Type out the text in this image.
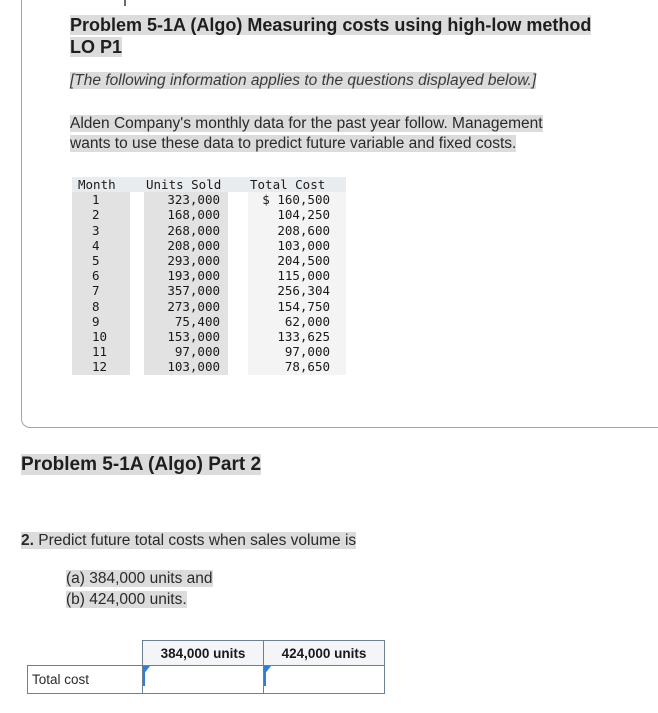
Problem 5-1A (Algo) Measuring costs using high-low method
LO P1
[The following information applies to the questions displayed below.]
Alden Company's monthly data for the past year follow. Management
wants to use these data to predict future variable and fixed costs.
Month		Units Sold		Total Cost
1		323,000		$ 160,500
2		168,000		104,250
3		268,000		208,600
4		208,000		103,000
5		293,000		204,500
6		193,000		115,000
7		357,000		256,304
8		273,000		154,750
9		75,400		62,000
10		153,000		133,625
11		97,000		97,000
12		103,000		78,650
Problem 5-1A (Algo) Part 2
2. Predict future total costs when sales volume is
(a) 384,000 units and
(b) 424,000 units.
	384,000 units	424,000 units
Total cost	
